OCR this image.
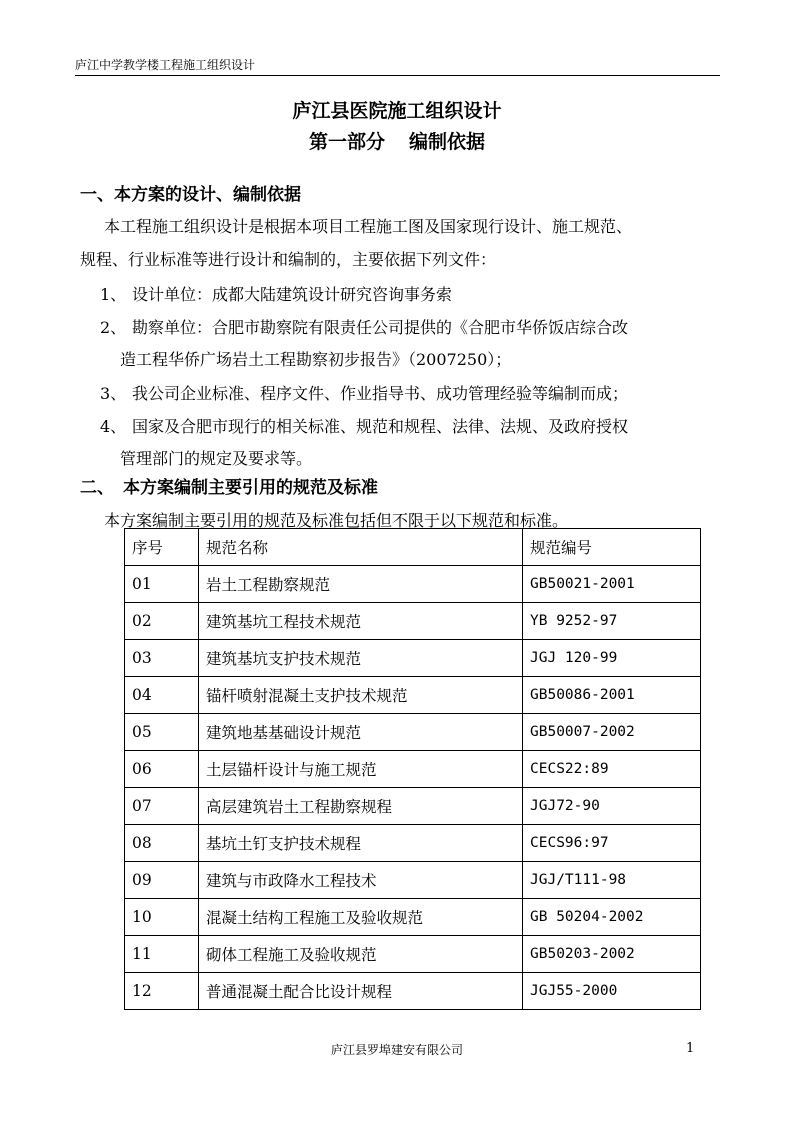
庐江中学教学楼工程施工组织设计
庐江县医院施工组织设计
第一部分 编制依据
一、本方案的设计、编制依据
本工程施工组织设计是根据本项目工程施工图及国家现行设计、施工规范、
规程、行业标准等进行设计和编制的，主要依据下列文件：
1、 设计单位：成都大陆建筑设计研究咨询事务索
2、 勘察单位：合肥市勘察院有限责任公司提供的《合肥市华侨饭店综合改
造工程华侨广场岩土工程勘察初步报告》（2007250）；
3、 我公司企业标准、程序文件、作业指导书、成功管理经验等编制而成；
4、 国家及合肥市现行的相关标准、规范和规程、法律、法规、及政府授权
管理部门的规定及要求等。
二、 本方案编制主要引用的规范及标准
本方案编制主要引用的规范及标准包括但不限于以下规范和标准。
序号	规范名称	规范编号
01	岩土工程勘察规范	GB50021-2001
02	建筑基坑工程技术规范	YB 9252-97
03	建筑基坑支护技术规范	JGJ 120-99
04	锚杆喷射混凝土支护技术规范	GB50086-2001
05	建筑地基基础设计规范	GB50007-2002
06	土层锚杆设计与施工规范	CECS22:89
07	高层建筑岩土工程勘察规程	JGJ72-90
08	基坑土钉支护技术规程	CECS96:97
09	建筑与市政降水工程技术	JGJ/T111-98
10	混凝土结构工程施工及验收规范	GB 50204-2002
11	砌体工程施工及验收规范	GB50203-2002
12	普通混凝土配合比设计规程	JGJ55-2000
庐江县罗埠建安有限公司	1
